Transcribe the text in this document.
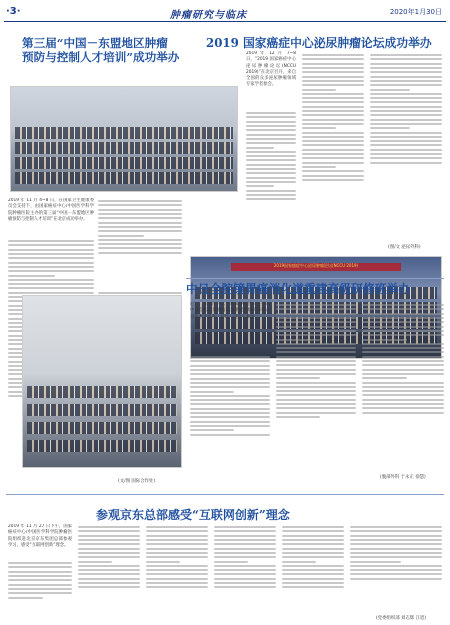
·3·	肿瘤研究与临床	2020年1月30日
第三届“中国－东盟地区肿瘤
预防与控制人才培训”成功举办
2019 国家癌症中心泌尿肿瘤论坛成功举办
2019 年 11 月 4~8 日，在国家卫生健康委员会支持下，由国家癌症中心/中国医学科学院肿瘤医院主办的第三届“中国－东盟地区肿瘤预防与控制人才培训”在北京成功举办。
(文/图 国际合作处)
2019 年 12 月 7~8 日，“2019 国家癌症中心泌尿肿瘤论坛(NCCU 2019)”在北京召开，来自全国的众多泌尿肿瘤领域专家学者参会。
(图/文 泌尿外科)
2019国家癌症中心泌尿肿瘤论坛(NCCU 2019)
中日全腔镜胃癌消化道重建高级研修班举办
近日，新疆医科大学附属肿瘤医院主办的中日全腔镜胃癌消化道重建高级研修班在乌鲁木齐举办，共计一百余人参加。
(腹部外科 于永正 徐慧)
参观京东总部感受“互联网创新”理念
2019 年 11 月 27 日下午，国家癌症中心/中国医学科学院肿瘤医院组织赴北京京东集团总部参观学习，感受“互联网创新”理念。
(党委组织部 刘志辉 江恩)
